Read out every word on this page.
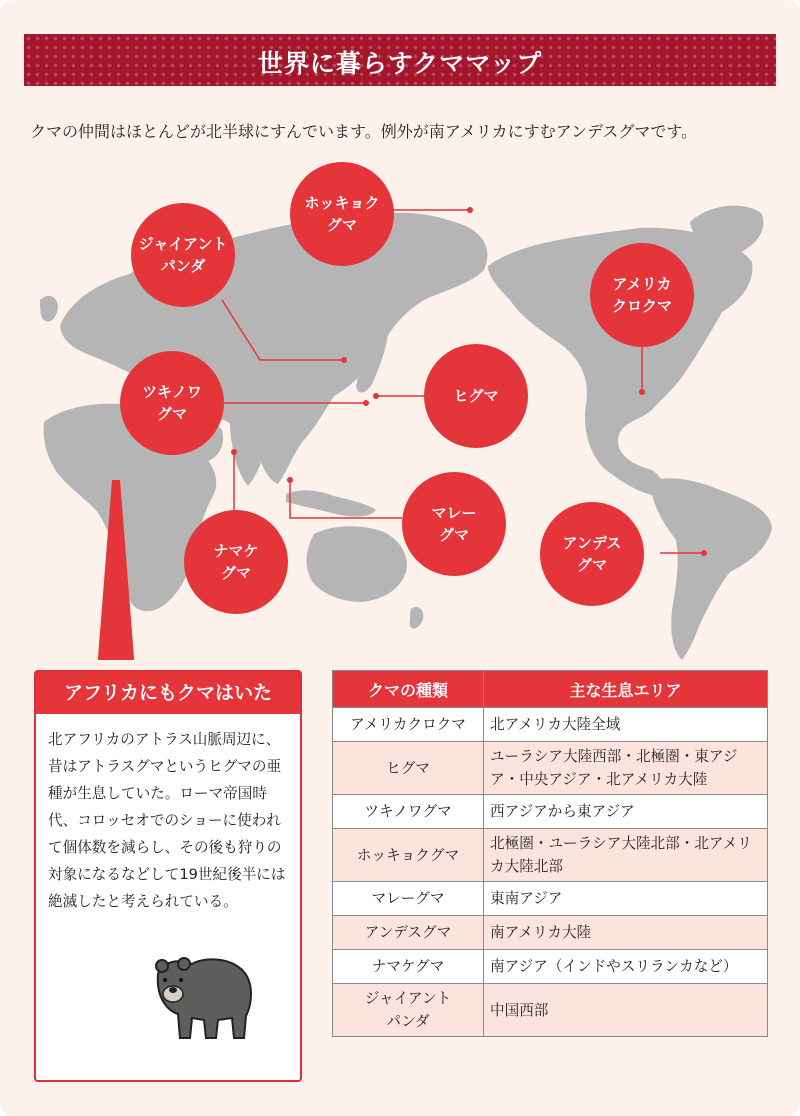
世界に暮らすクママップ
クマの仲間はほとんどが北半球にすんでいます。例外が南アメリカにすむアンデスグマです。
ホッキョク
グマ
ジャイアント
パンダ
アメリカ
クロクマ
ツキノワ
グマ
ヒグマ
マレー
グマ
ナマケ
グマ
アンデス
グマ
アフリカにもクマはいた
北アフリカのアトラス山脈周辺に、昔はアトラスグマというヒグマの亜種が生息していた。ローマ帝国時代、コロッセオでのショーに使われて個体数を減らし、その後も狩りの対象になるなどして19世紀後半には絶滅したと考えられている。
クマの種類	主な生息エリア
アメリカクロクマ	北アメリカ大陸全域
ヒグマ	ユーラシア大陸西部・北極圏・東アジア・中央アジア・北アメリカ大陸
ツキノワグマ	西アジアから東アジア
ホッキョクグマ	北極圏・ユーラシア大陸北部・北アメリカ大陸北部
マレーグマ	東南アジア
アンデスグマ	南アメリカ大陸
ナマケグマ	南アジア（インドやスリランカなど）
ジャイアント
パンダ	中国西部
